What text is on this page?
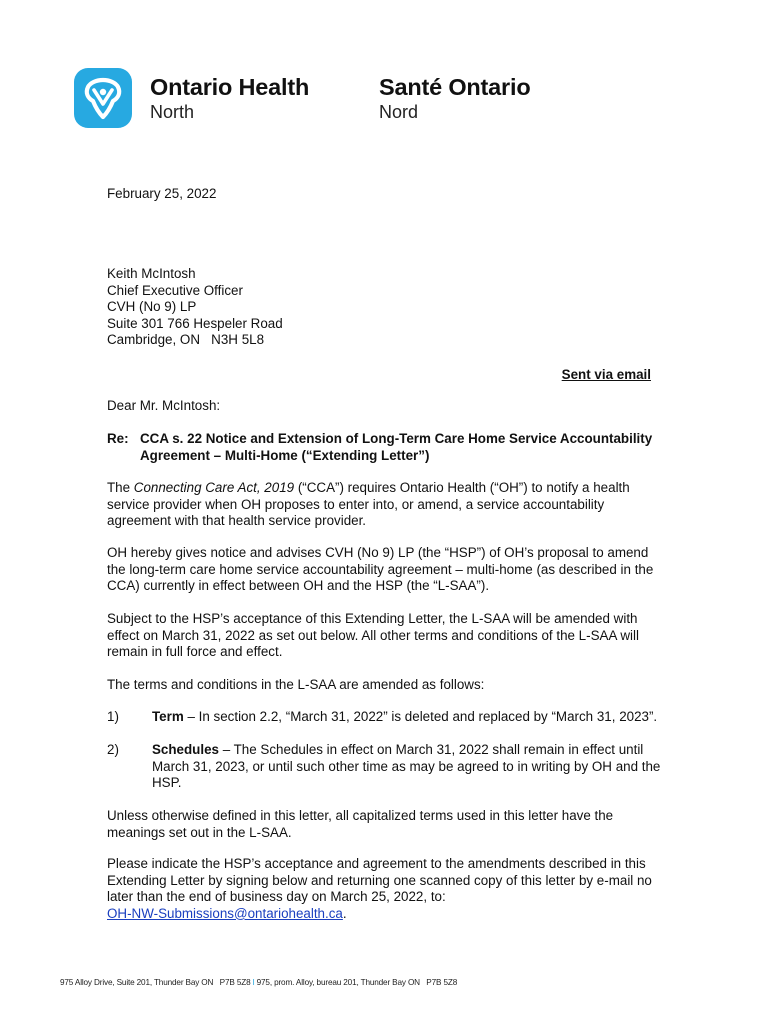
Ontario Health
North
Santé Ontario
Nord
February 25, 2022
Keith McIntosh
Chief Executive Officer
CVH (No 9) LP
Suite 301 766 Hespeler Road
Cambridge, ON   N3H 5L8
Sent via email
Dear Mr. McIntosh:
Re: CCA s. 22 Notice and Extension of Long-Term Care Home Service Accountability
Agreement – Multi-Home (“Extending Letter”)
The Connecting Care Act, 2019 (“CCA”) requires Ontario Health (“OH”) to notify a health
service provider when OH proposes to enter into, or amend, a service accountability
agreement with that health service provider.
OH hereby gives notice and advises CVH (No 9) LP (the “HSP”) of OH’s proposal to amend
the long-term care home service accountability agreement – multi-home (as described in the
CCA) currently in effect between OH and the HSP (the “L-SAA”).
Subject to the HSP’s acceptance of this Extending Letter, the L-SAA will be amended with
effect on March 31, 2022 as set out below. All other terms and conditions of the L-SAA will
remain in full force and effect.
The terms and conditions in the L-SAA are amended as follows:
1) Term – In section 2.2, “March 31, 2022” is deleted and replaced by “March 31, 2023”.
2) Schedules – The Schedules in effect on March 31, 2022 shall remain in effect until
March 31, 2023, or until such other time as may be agreed to in writing by OH and the
HSP.
Unless otherwise defined in this letter, all capitalized terms used in this letter have the
meanings set out in the L-SAA.
Please indicate the HSP’s acceptance and agreement to the amendments described in this
Extending Letter by signing below and returning one scanned copy of this letter by e-mail no
later than the end of business day on March 25, 2022, to:
OH-NW-Submissions@ontariohealth.ca.
975 Alloy Drive, Suite 201, Thunder Bay ON   P7B 5Z8 I 975, prom. Alloy, bureau 201, Thunder Bay ON   P7B 5Z8
